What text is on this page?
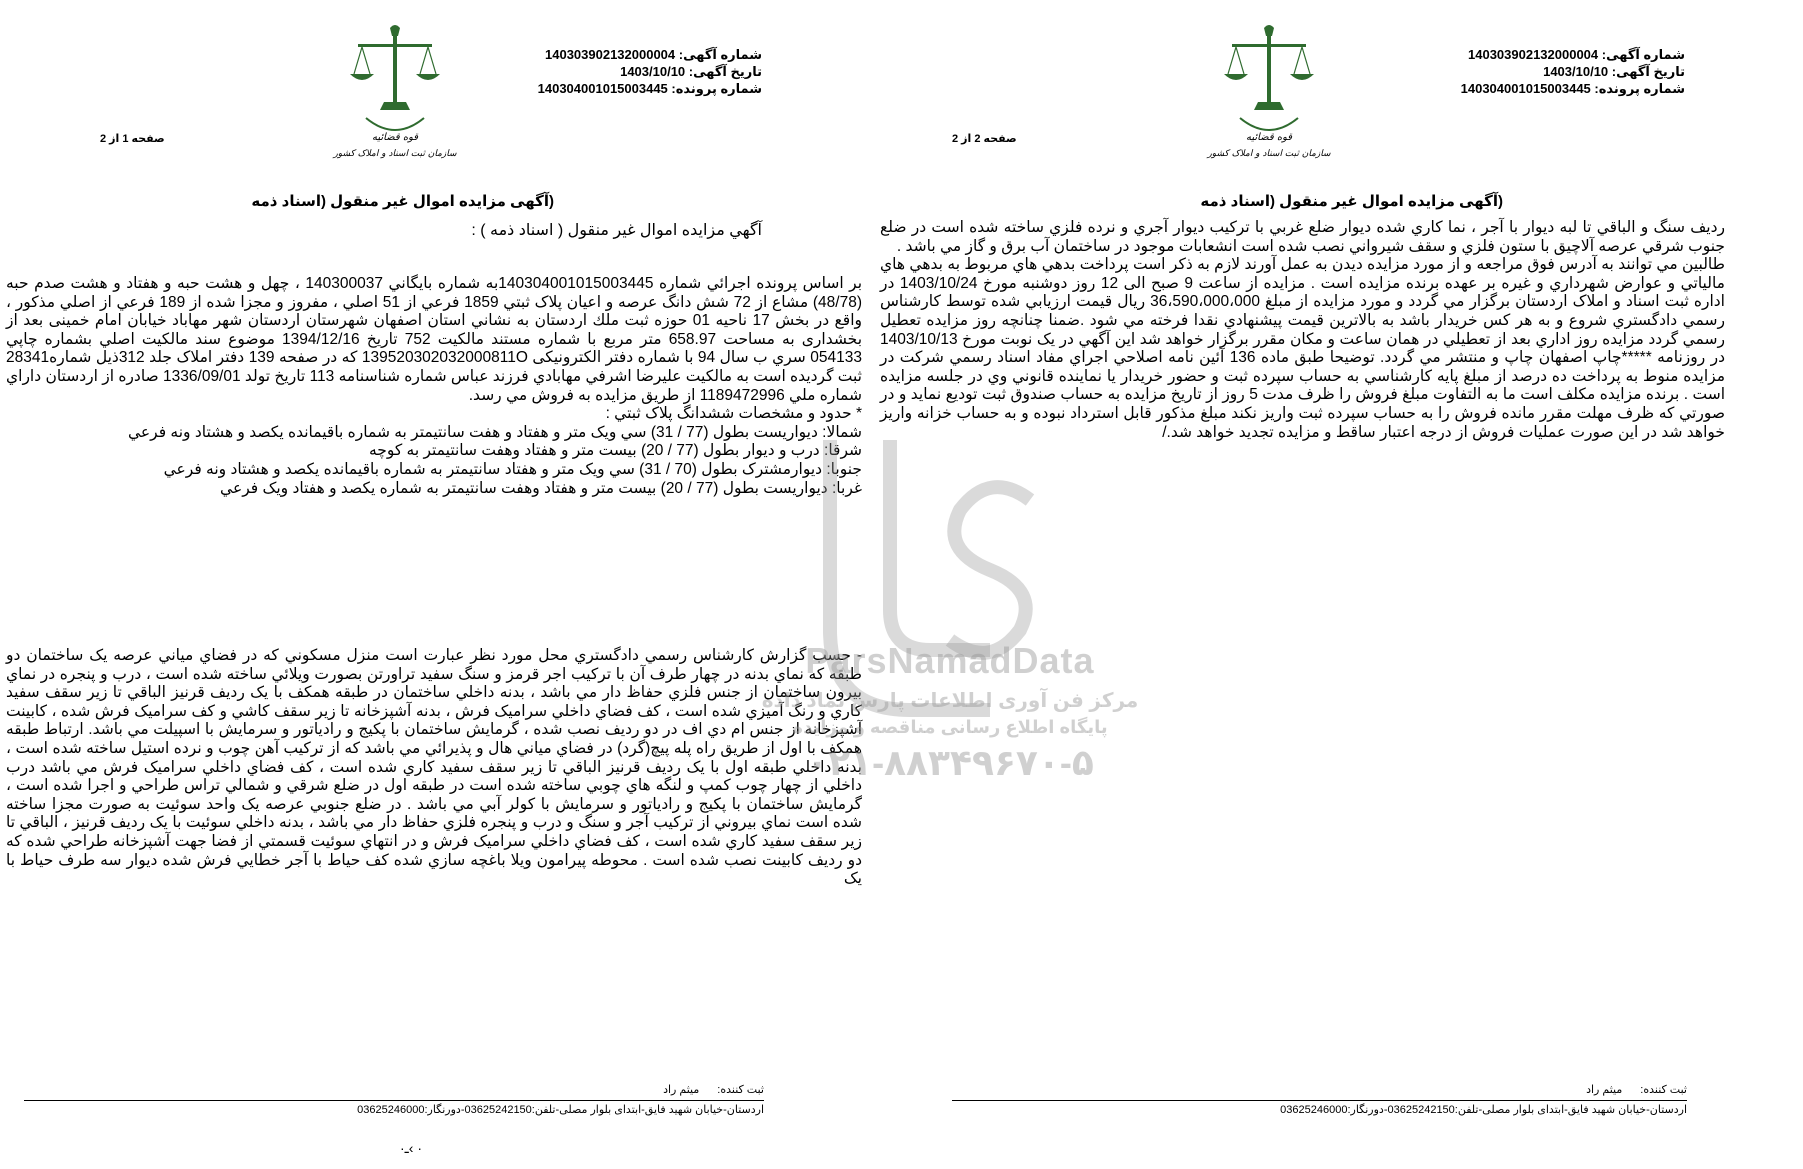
شماره آگهی: 140303902132000004
تاریخ آگهی: 1403/10/10
شماره پرونده: 140304001015003445
قوه قضائیه
سازمان ثبت اسناد و املاک کشور
صفحه 1 از 2
(آگهی مزایده اموال غیر منقول (اسناد ذمه
آگهي مزايده اموال غير منقول ( اسناد ذمه ) :

بر اساس پرونده اجرائي شماره 140304001015003445به شماره بايگاني 140300037 ، چهل و هشت حبه و هفتاد و هشت صدم حبه (48/78) مشاع از 72 شش دانگ عرصه و اعيان پلاک ثبتي 1859 فرعي از 51 اصلي ، مفروز و مجزا شده از 189 فرعي از اصلي مذکور ، واقع در بخش 17 ناحيه 01 حوزه ثبت ملك اردستان به نشاني استان اصفهان شهرستان اردستان شهر مهاباد خیابان امام خمینی بعد از بخشداری به مساحت 658.97 متر مربع با شماره مستند مالكيت 752 تاريخ 1394/12/16 موضوع سند مالكيت اصلي بشماره چاپي 054133 سري ب سال 94 با شماره دفتر الکترونیکی 139520302032000811O كه در صفحه 139 دفتر املاک جلد 312ذيل شماره28341 ثبت گرديده است به مالكيت عليرضا اشرفي مهابادي فرزند عباس شماره شناسنامه 113 تاريخ تولد 1336/09/01 صادره از اردستان داراي شماره ملي 1189472996 از طريق مزايده به فروش مي رسد.

* حدود و مشخصات ششدانگ پلاک ثبتي :

شمالا: ديواريست بطول (77 / 31) سي ويک متر و هفتاد و هفت سانتيمتر به شماره باقيمانده يکصد و هشتاد ونه فرعي

شرقا: درب و ديوار بطول (77 / 20) بيست متر و هفتاد وهفت سانتيمتر به کوچه

جنوبا: ديوارمشترک بطول (70 / 31) سي ويک متر و هفتاد سانتيمتر به شماره باقيمانده يکصد و هشتاد ونه فرعي

غربا: ديواريست بطول (77 / 20) بيست متر و هفتاد وهفت سانتيمتر به شماره يکصد و هفتاد ويک فرعي

- حسب گزارش کارشناس رسمي دادگستري محل مورد نظر عبارت است منزل مسکوني که در فضاي مياني عرصه يک ساختمان دو طبقه که نماي بدنه در چهار طرف آن با ترکيب اجر قرمز و سنگ سفيد تراورتن بصورت ويلائي ساخته شده است ، درب و پنجره در نماي بيرون ساختمان از جنس فلزي حفاظ دار مي باشد ، بدنه داخلي ساختمان در طبقه همکف با يک رديف قرنيز الباقي تا زير سقف سفيد کاري و رنگ آميزي شده است ، کف فضاي داخلي سراميک فرش ، بدنه آشپزخانه تا زير سقف کاشي و کف سراميک فرش شده ، کابينت آشپزخانه از جنس ام دي اف در دو رديف نصب شده ، گرمايش ساختمان با پکيج و رادياتور و سرمايش با اسپيلت مي باشد. ارتباط طبقه همکف با اول از طريق راه پله پيچ(گرد) در فضاي مياني هال و پذيرائي مي باشد که از ترکيب آهن چوب و نرده استيل ساخته شده است ، بدنه داخلي طبقه اول با يک رديف قرنيز الباقي تا زير سقف سفيد کاري شده است ، کف فضاي داخلي سراميک فرش مي باشد درب داخلي از چهار چوب کمپ و لنگه هاي چوبي ساخته شده است در طبقه اول در ضلع شرقي و شمالي تراس طراحي و اجرا شده است ، گرمايش ساختمان با پکيج و رادياتور و سرمايش با کولر آبي مي باشد . در ضلع جنوبي عرصه يک واحد سوئيت به صورت مجزا ساخته شده است نماي بيروني از ترکيب آجر و سنگ و درب و پنجره فلزي حفاظ دار مي باشد ، بدنه داخلي سوئيت با يک رديف قرنيز ، الباقي تا زير سقف سفيد کاري شده است ، کف فضاي داخلي سراميک فرش و در انتهاي سوئيت قسمتي از فضا جهت آشپزخانه طراحي شده که دو رديف کابينت نصب شده است . محوطه پيرامون ويلا باغچه سازي شده کف حياط با آجر خطايي فرش شده ديوار سه طرف حياط با يک

ثبت کننده:میثم راد
اردستان-خیابان شهید فایق-ابتدای بلوار مصلی-تلفن:03625242150-دورنگار:03625246000
·ـ‹ ·
شماره آگهی: 140303902132000004
تاریخ آگهی: 1403/10/10
شماره پرونده: 140304001015003445
قوه قضائیه
سازمان ثبت اسناد و املاک کشور
صفحه 2 از 2
(آگهی مزایده اموال غیر منقول (اسناد ذمه

رديف سنگ و الباقي تا لبه ديوار با آجر ، نما کاري شده ديوار ضلع غربي با ترکيب ديوار آجري و نرده فلزي ساخته شده است در ضلع جنوب شرقي عرصه آلاچيق با ستون فلزي و سقف شيرواني نصب شده است انشعابات موجود در ساختمان آب برق و گاز مي باشد .

طالبين مي توانند به آدرس فوق مراجعه و از مورد مزايده ديدن به عمل آورند لازم به ذكر است پرداخت بدهي هاي مربوط به بدهي هاي مالياتي و عوارض شهرداري و غيره بر عهده برنده مزايده است . مزايده از ساعت 9 صبح الی 12 روز دوشنبه مورخ 1403/10/24 در اداره ثبت اسناد و املاک اردستان برگزار مي گردد و مورد مزايده از مبلغ 36،590،000،000 ريال قيمت ارزيابي شده توسط کارشناس رسمي دادگستري شروع و به هر كس خريدار باشد به بالاترين قيمت پيشنهادي نقدا فرخته مي شود .ضمنا چنانچه روز مزايده تعطيل رسمي گردد مزايده روز اداري بعد از تعطيلي در همان ساعت و مكان مقرر برگزار خواهد شد اين آگهي در يک نوبت مورخ 1403/10/13 در روزنامه *****چاپ اصفهان چاپ و منتشر مي گردد. توضيحا طبق ماده 136 آئين نامه اصلاحي اجراي مفاد اسناد رسمي شرکت در مزايده منوط به پرداخت ده درصد از مبلغ پايه کارشناسي به حساب سپرده ثبت و حضور خريدار يا نماينده قانوني وي در جلسه مزايده است . برنده مزايده مکلف است ما به التفاوت مبلغ فروش را ظرف مدت 5 روز از تاريخ مزايده به حساب صندوق ثبت توديع نمايد و در صورتي كه ظرف مهلت مقرر مانده فروش را به حساب سپرده ثبت واريز نكند مبلغ مذكور قابل استرداد نبوده و به حساب خزانه واريز خواهد شد در اين صورت عمليات فروش از درجه اعتبار ساقط و مزايده تجديد خواهد شد./

ثبت کننده:میثم راد
اردستان-خیابان شهید فایق-ابتدای بلوار مصلی-تلفن:03625242150-دورنگار:03625246000
ParsNamadData
مرکز فن آوری اطلاعات پارس نماد داده
پایگاه اطلاع رسانی مناقصه و مزایده
۰۲۱-۸۸۳۴۹۶۷۰-۵
